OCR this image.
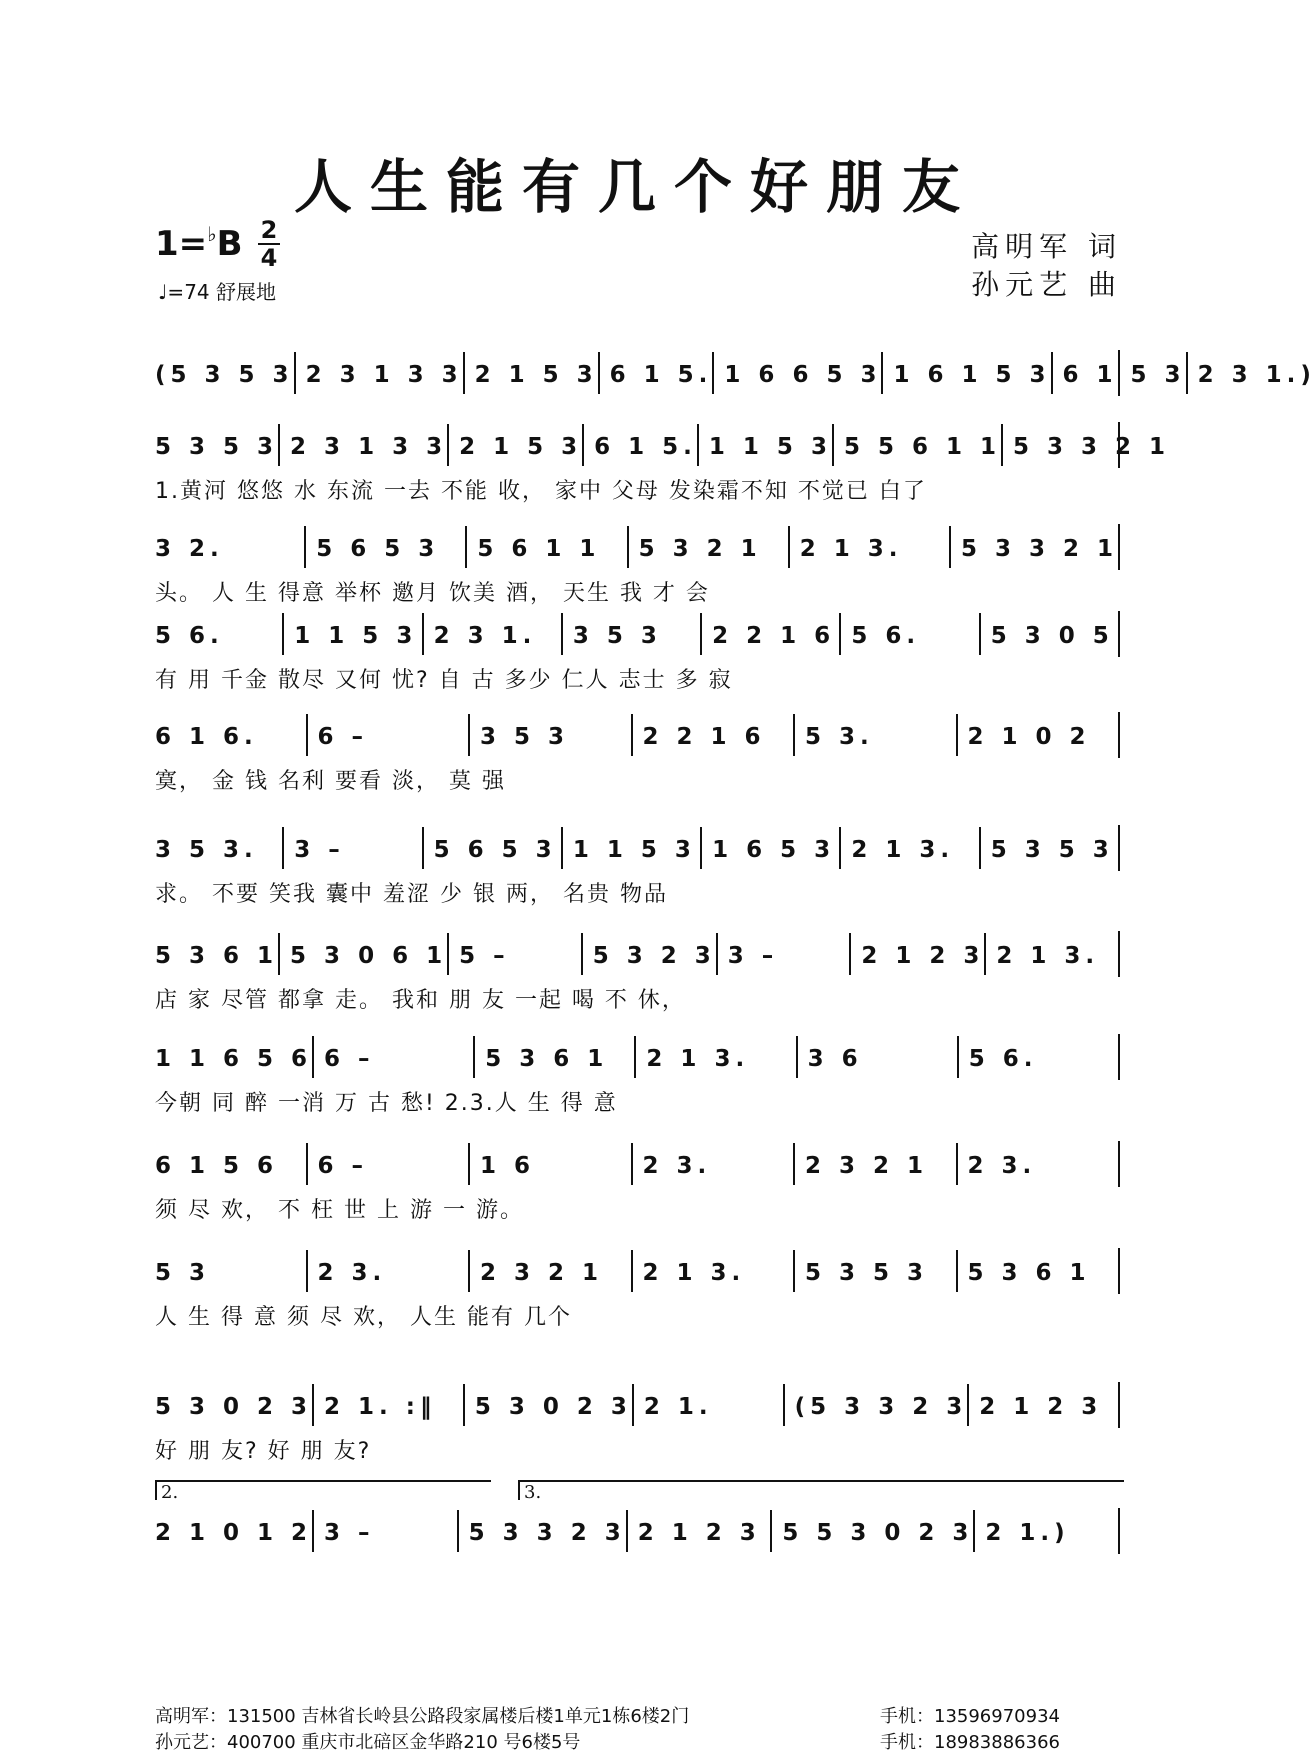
人生能有几个好朋友
1=♭B 2
4
♩=74 舒展地
高明军 词
孙元艺 曲
(5 3 5 3 2 3 1 3 3 2 1 5 3 6 1 5. 1 6 6 5 3 1 6 1 5 3 6 1 5 3 2 3 1.)
5 3 5 3 2 3 1 3 3 2 1 5 3 6 1 5. 1 1 5 3 5 5 6 1 1 5 3 3 2 1
1.黄河 悠悠 水 东流 一去 不能 收， 家中 父母 发染霜不知 不觉已 白了
3 2.	5 6 5 3	5 6 1 1	5 3 2 1	2 1 3.	5 3 3 2 1
头。 人 生 得意 举杯 邀月 饮美 酒， 天生 我 才 会
5 6.	1 1 5 3 2 3 1.	3 5 3	2 2 1 6 5 6.	5 3 0 5
有 用 千金 散尽 又何 忧? 自 古 多少 仁人 志士 多 寂
6 1 6.	6 –	3 5 3	2 2 1 6	5 3.	2 1 0 2
寞， 金 钱 名利 要看 淡， 莫 强
3 5 3.	3 –	5 6 5 3 1 1 5 3 1 6 5 3 2 1 3.	5 3 5 3
求。 不要 笑我 囊中 羞涩 少 银 两， 名贵 物品
5 3 6 1 5 3 0 6 1 5 –	5 3 2 3 3 –	2 1 2 3 2 1 3.
店 家 尽管 都拿 走。 我和 朋 友 一起 喝 不 休，
1 1 6 5 6 6 –	5 3 6 1	2 1 3.	3 6	5 6.
今朝 同 醉 一消 万 古 愁! 2.3.人 生 得 意
6 1 5 6	6 –	1 6	2 3.	2 3 2 1	2 3.
须 尽 欢， 不 枉 世 上 游 一 游。
5 3	2 3.	2 3 2 1	2 1 3.	5 3 5 3	5 3 6 1
人 生 得 意 须 尽 欢， 人生 能有 几个
5 3 0 2 3 2 1. :‖	5 3 0 2 3 2 1.	(5 3 3 2 3 2 1 2 3
好 朋 友? 好 朋 友?
2 1 0 1 2 3 –	5 3 3 2 3 2 1 2 3 5 5 3 0 2 3 2 1.)
2.	3.
高明军：131500 吉林省长岭县公路段家属楼后楼1单元1栋6楼2门	手机：13596970934
孙元艺：400700 重庆市北碚区金华路210 号6楼5号	手机：18983886366
